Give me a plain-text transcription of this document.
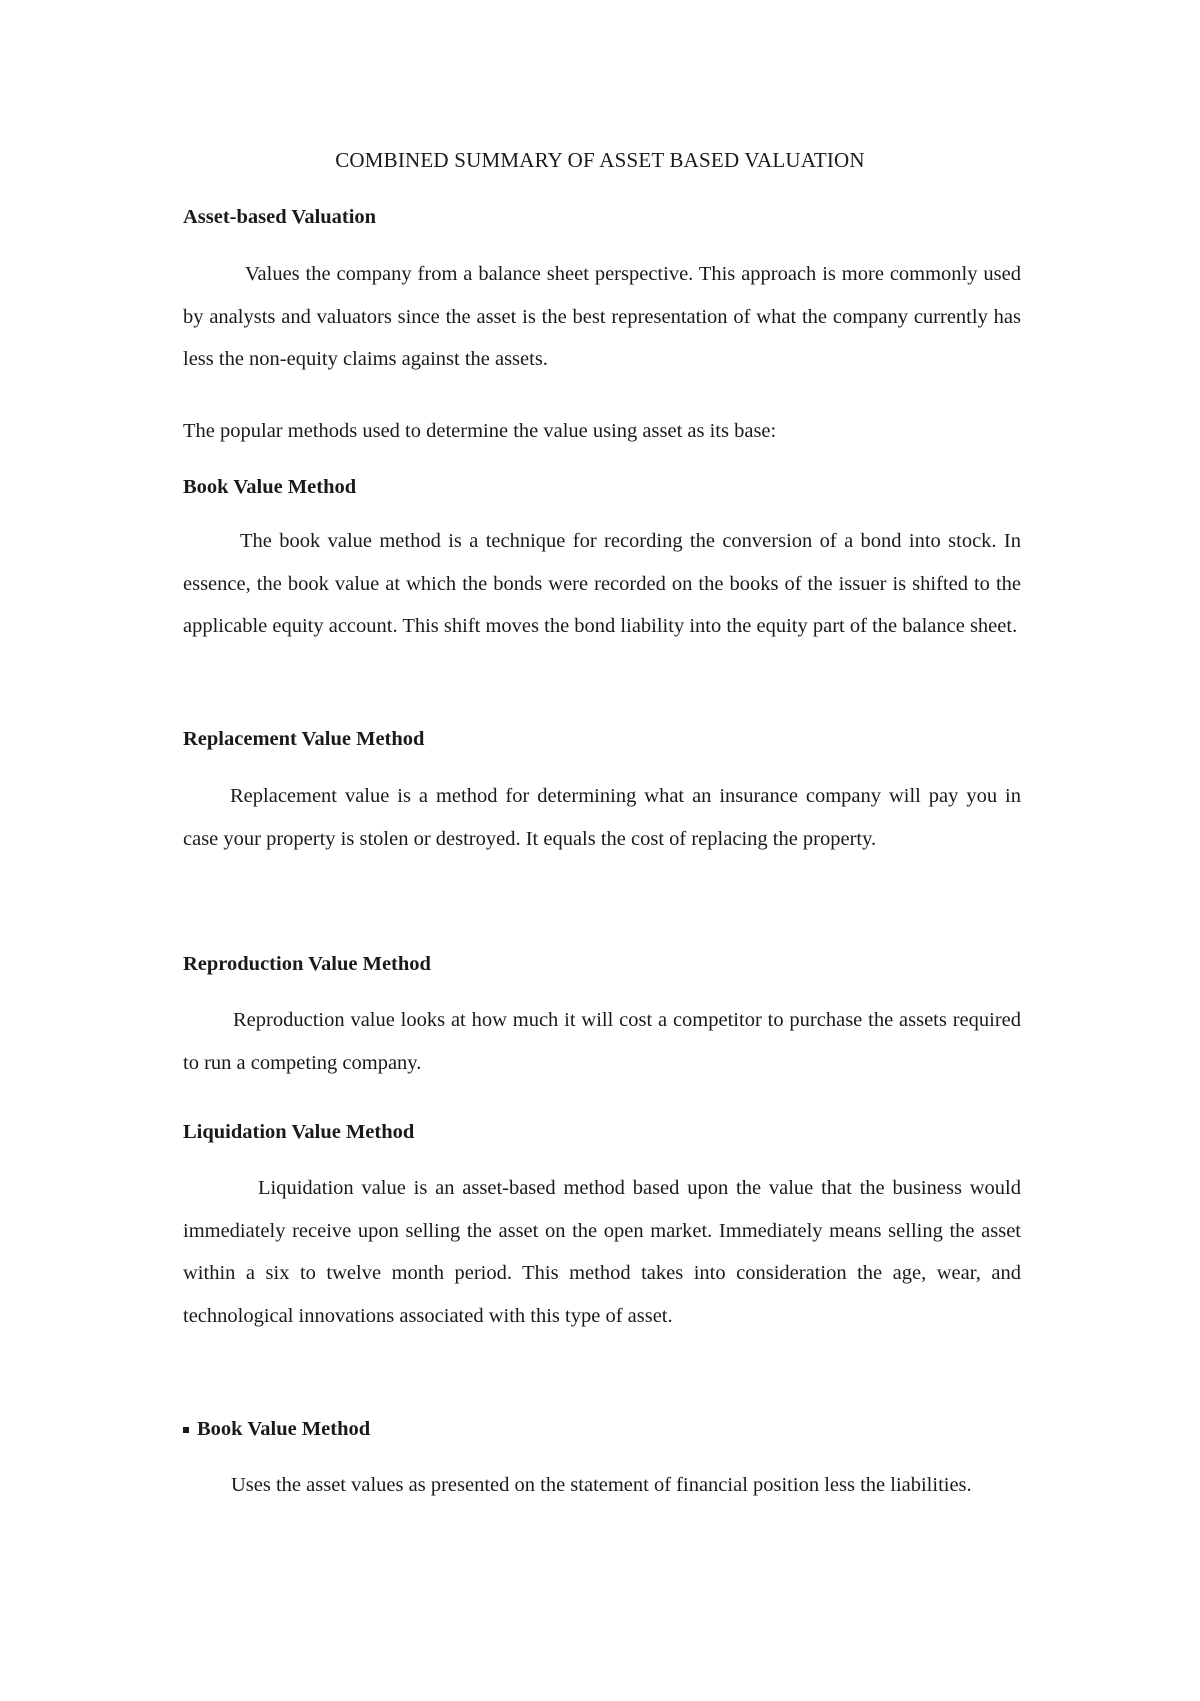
COMBINED SUMMARY OF ASSET BASED VALUATION
Asset-based Valuation

Values the company from a balance sheet perspective. This approach is more commonly used by analysts and valuators since the asset is the best representation of what the company currently has less the non-equity claims against the assets.

The popular methods used to determine the value using asset as its base:

Book Value Method

The book value method is a technique for recording the conversion of a bond into stock. In essence, the book value at which the bonds were recorded on the books of the issuer is shifted to the applicable equity account. This shift moves the bond liability into the equity part of the balance sheet.

Replacement Value Method

Replacement value is a method for determining what an insurance company will pay you in case your property is stolen or destroyed. It equals the cost of replacing the property.

Reproduction Value Method

Reproduction value looks at how much it will cost a competitor to purchase the assets required to run a competing company.

Liquidation Value Method

Liquidation value is an asset-based method based upon the value that the business would immediately receive upon selling the asset on the open market. Immediately means selling the asset within a six to twelve month period. This method takes into consideration the age, wear, and technological innovations associated with this type of asset.

Book Value Method

Uses the asset values as presented on the statement of financial position less the liabilities.
